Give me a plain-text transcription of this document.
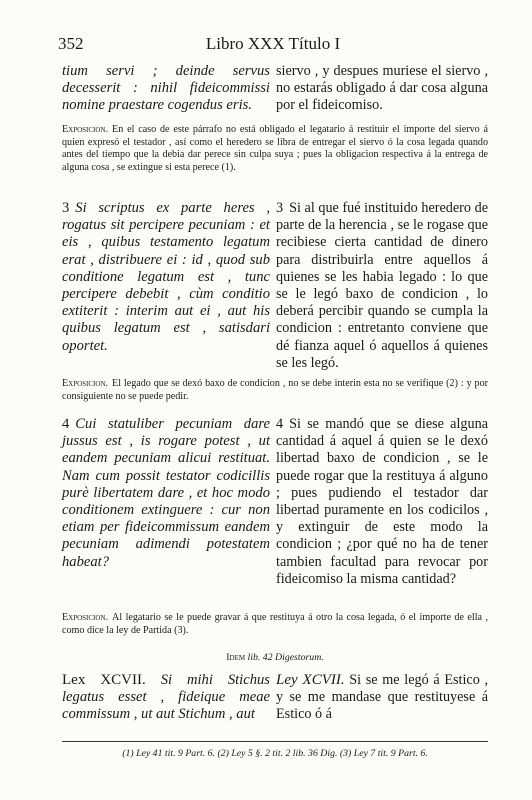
352	Libro XXX Título I

tium servi ; deinde servus decesserit : nihil fideicommissi nomine praestare cogendus eris.

siervo , y despues muriese el siervo , no estarás obligado á dar cosa alguna por el fideicomiso.

Exposicion. En el caso de este párrafo no está obligado el legatario á restituir el importe del siervo á quien expresó el testador , así como el heredero se libra de entregar el siervo ó la cosa legada quando antes del tiempo que la debia dar perece sin culpa suya ; pues la obligacion respectiva á la entrega de alguna cosa , se extingue si esta perece (1).

3 Si scriptus ex parte heres , rogatus sit percipere pecuniam : et eis , quibus testamento legatum erat , distribuere ei : id , quod sub conditione legatum est , tunc percipere debebit , cùm conditio extiterit : interim aut ei , aut his quibus legatum est , satisdari oportet.

3 Si al que fué instituido heredero de parte de la herencia , se le rogase que recibiese cierta cantidad de dinero para distribuirla entre aquellos á quienes se les habia legado : lo que se le legó baxo de condicion , lo deberá percibir quando se cumpla la condicion : entretanto conviene que dé fianza aquel ó aquellos á quienes se les legó.

Exposicion. El legado que se dexó baxo de condicion , no se debe interin esta no se verifique (2) : y por consiguiente no se puede pedir.

4 Cui statuliber pecuniam dare jussus est , is rogare potest , ut eandem pecuniam alicui restituat. Nam cum possit testator codicillis purè libertatem dare , et hoc modo conditionem extinguere : cur non etiam per fideicommissum eandem pecuniam adimendi potestatem habeat?

4 Si se mandó que se diese alguna cantidad á aquel á quien se le dexó libertad baxo de condicion , se le puede rogar que la restituya á alguno ; pues pudiendo el testador dar libertad puramente en los codicilos , y extinguir de este modo la condicion ; ¿por qué no ha de tener tambien facultad para revocar por fideicomiso la misma cantidad?

Exposicion. Al legatario se le puede gravar á que restituya á otro la cosa legada, ó el importe de ella , como dice la ley de Partida (3).

Idem lib. 42 Digestorum.

Lex XCVII. Si mihi Stichus legatus esset , fideique meae commissum , ut aut Stichum , aut

Ley XCVII. Si se me legó á Estico , y se me mandase que restituyese á Estico ó á

(1) Ley 41 tit. 9 Part. 6. (2) Ley 5 §. 2 tit. 2 lib. 36 Dig. (3) Ley 7 tit. 9 Part. 6.
